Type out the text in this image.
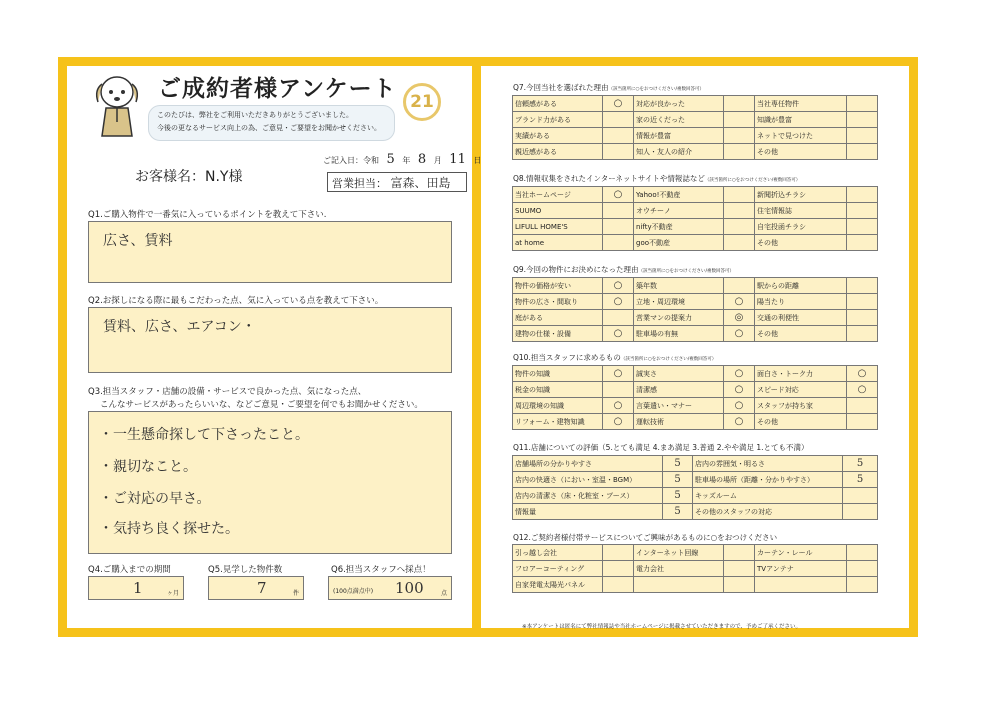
ご成約者様アンケート
このたびは、弊社をご利用いただきありがとうございました。
今後の更なるサービス向上の為、ご意見・ご要望をお聞かせください。
21
ご記入日：令和 5 年 8 月 11 日
お客様名：N.Y様	営業担当： 富森、田島
Q1.ご購入物件で一番気に入っているポイントを教えて下さい.
広さ、賃料
Q2.お探しになる際に最もこだわった点、気に入っている点を教えて下さい。
賃料、広さ、エアコン・
Q3.担当スタッフ・店舗の設備・サービスで良かった点、気になった点、
こんなサービスがあったらいいな、などご意見・ご要望を何でもお聞かせください。
・一生懸命探して下さったこと。
・親切なこと。
・ご対応の早さ。
・気持ち良く探せた。
Q4.ご購入までの期間
1	ヶ月
Q5.見学した物件数
7	件
Q6.担当スタッフへ採点！
(100点満点中) 100	点
Q7.今回当社を選ばれた理由（該当箇所に○をおつけください/複数回答可）
信頼感がある	○	対応が良かった		当社専任物件	
ブランド力がある		家の近くだった		知識が豊富	
実績がある		情報が豊富		ネットで見つけた	
親近感がある		知人・友人の紹介		その他	
Q8.情報収集をされたインターネットサイトや情報誌など（該当箇所に○をおつけください/複数回答可）
当社ホームページ	○	Yahoo!不動産		新聞折込チラシ	
SUUMO		オウチーノ		住宅情報誌	
LIFULL HOME'S		nifty不動産		自宅投函チラシ	
at home		goo不動産		その他	
Q9.今回の物件にお決めになった理由（該当箇所に○をおつけください/複数回答可）
物件の価格が安い	○	築年数		駅からの距離	
物件の広さ・間取り	○	立地・周辺環境	○	陽当たり	
庭がある		営業マンの提案力	◎	交通の利便性	
建物の仕様・設備	○	駐車場の有無	○	その他	
Q10.担当スタッフに求めるもの（該当箇所に○をおつけください/複数回答可）
物件の知識	○	誠実さ	○	面白さ・トーク力	○
税金の知識		清潔感	○	スピード対応	○
周辺環境の知識	○	言葉遣い・マナー	○	スタッフが持ち家	
リフォーム・建物知識	○	運転技術	○	その他	
Q11.店舗についての評価（5.とても満足 4.まあ満足 3.普通 2.やや満足 1.とても不満）
店舗場所の分かりやすさ	5	店内の雰囲気・明るさ	5
店内の快適さ（におい・室温・BGM）	5	駐車場の場所（距離・分かりやすさ）	5
店内の清潔さ（床・化粧室・ブース）	5	キッズルーム	
情報量	5	その他のスタッフの対応	
Q12.ご契約者様付帯サービスについてご興味があるものに○をおつけください
引っ越し会社		インターネット回線		カーテン・レール	
フロアーコーティング		電力会社		TVアンテナ	
自家発電太陽光パネル					
※本アンケートは匿名にて弊社情報誌や当社ホームページに掲載させていただきますので、予めご了承ください。
